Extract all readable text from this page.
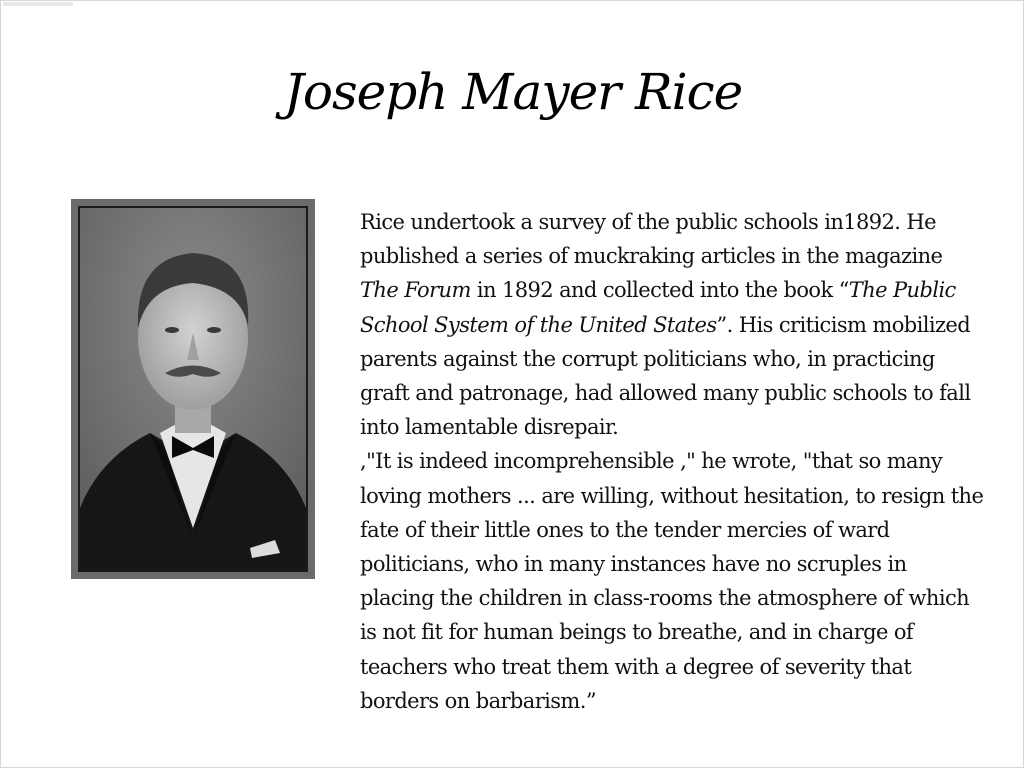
Joseph Mayer Rice

Rice undertook a survey of the public schools in1892. He published a series of muckraking articles in the magazine The Forum in 1892 and collected into the book “The Public School System of the United States”. His criticism mobilized parents against the corrupt politicians who, in practicing graft and patronage, had allowed many public schools to fall into lamentable disrepair.

,"It is indeed incomprehensible ," he wrote, "that so many loving mothers ... are willing, without hesitation, to resign the fate of their little ones to the tender mercies of ward politicians, who in many instances have no scruples in placing the children in class-rooms the atmosphere of which is not fit for human beings to breathe, and in charge of teachers who treat them with a degree of severity that borders on barbarism.”
